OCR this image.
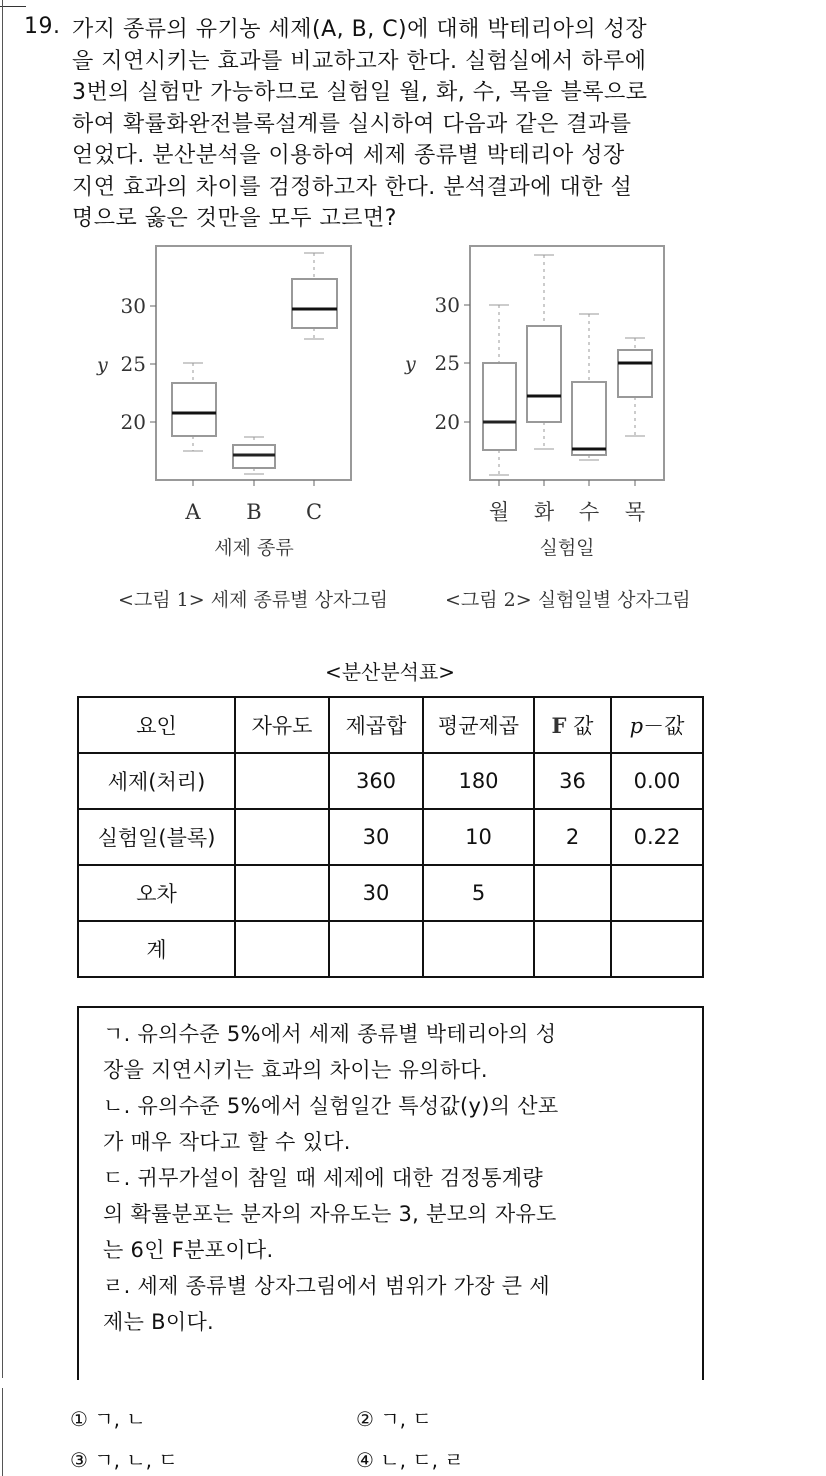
19. 가지 종류의 유기농 세제(A, B, C)에 대해 박테리아의 성장
을 지연시키는 효과를 비교하고자 한다. 실험실에서 하루에
3번의 실험만 가능하므로 실험일 월, 화, 수, 목을 블록으로
하여 확률화완전블록설계를 실시하여 다음과 같은 결과를
얻었다. 분산분석을 이용하여 세제 종류별 박테리아 성장
지연 효과의 차이를 검정하고자 한다. 분석결과에 대한 설
명으로 옳은 것만을 모두 고르면?
30
25
20
y
A B C
세제 종류
<그림 1> 세제 종류별 상자그림
30
25
20
y
월 화 수 목
실험일
<그림 2> 실험일별 상자그림
<분산분석표>
요인	자유도	제곱합	평균제곱	F 값	p－값
세제(처리)		360	180	36	0.00
실험일(블록)		30	10	2	0.22
오차		30	5		
계					
ㄱ. 유의수준 5%에서 세제 종류별 박테리아의 성
장을 지연시키는 효과의 차이는 유의하다.
ㄴ. 유의수준 5%에서 실험일간 특성값(y)의 산포
가 매우 작다고 할 수 있다.
ㄷ. 귀무가설이 참일 때 세제에 대한 검정통계량
의 확률분포는 분자의 자유도는 3, 분모의 자유도
는 6인 F분포이다.
ㄹ. 세제 종류별 상자그림에서 범위가 가장 큰 세
제는 B이다.
① ㄱ, ㄴ	② ㄱ, ㄷ
③ ㄱ, ㄴ, ㄷ	④ ㄴ, ㄷ, ㄹ
